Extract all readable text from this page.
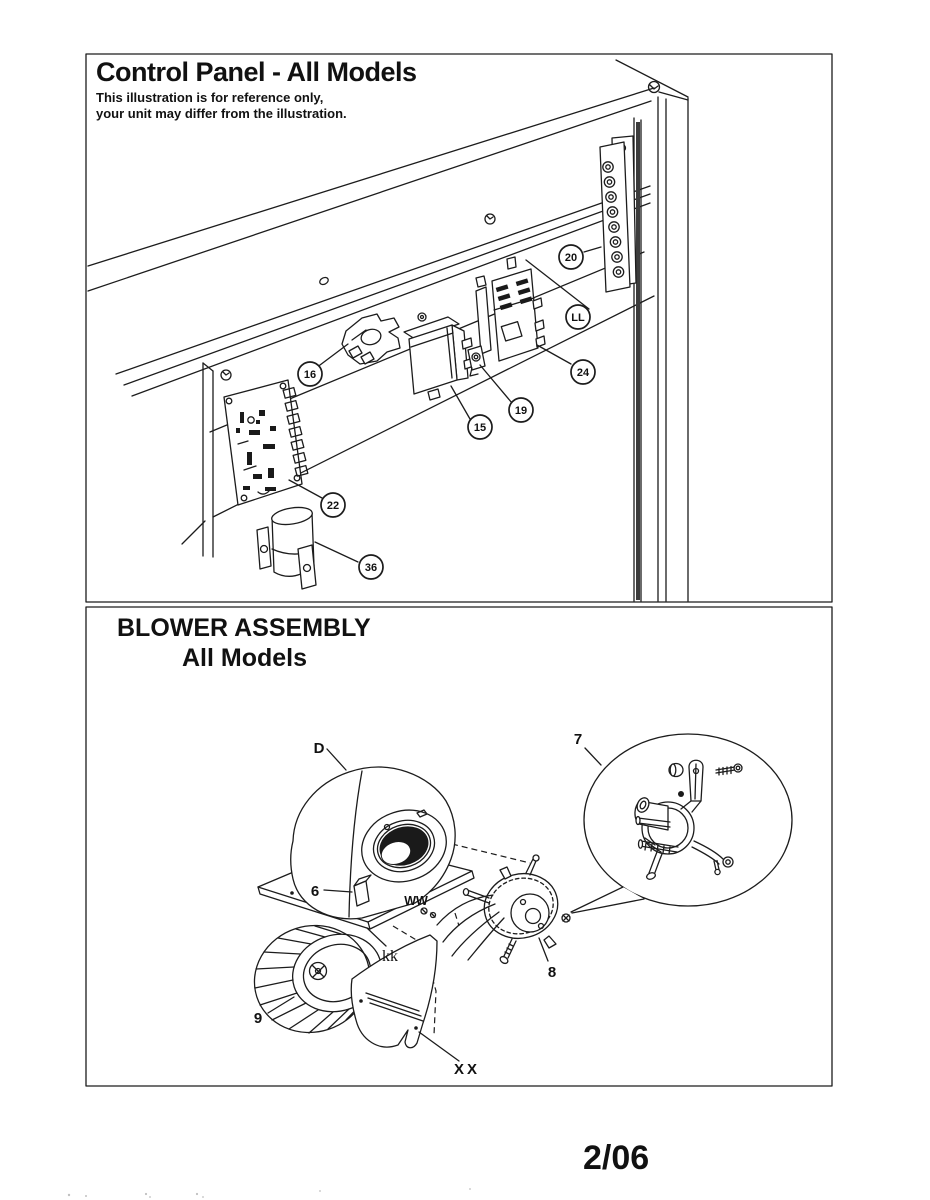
Control Panel - All Models
This illustration is for reference only,
your unit may differ from the illustration.
BLOWER ASSEMBLY
All Models
2/06
16
15
19
24
20
LL
22
36
D
7
6
WW
kk
9
8
XX
